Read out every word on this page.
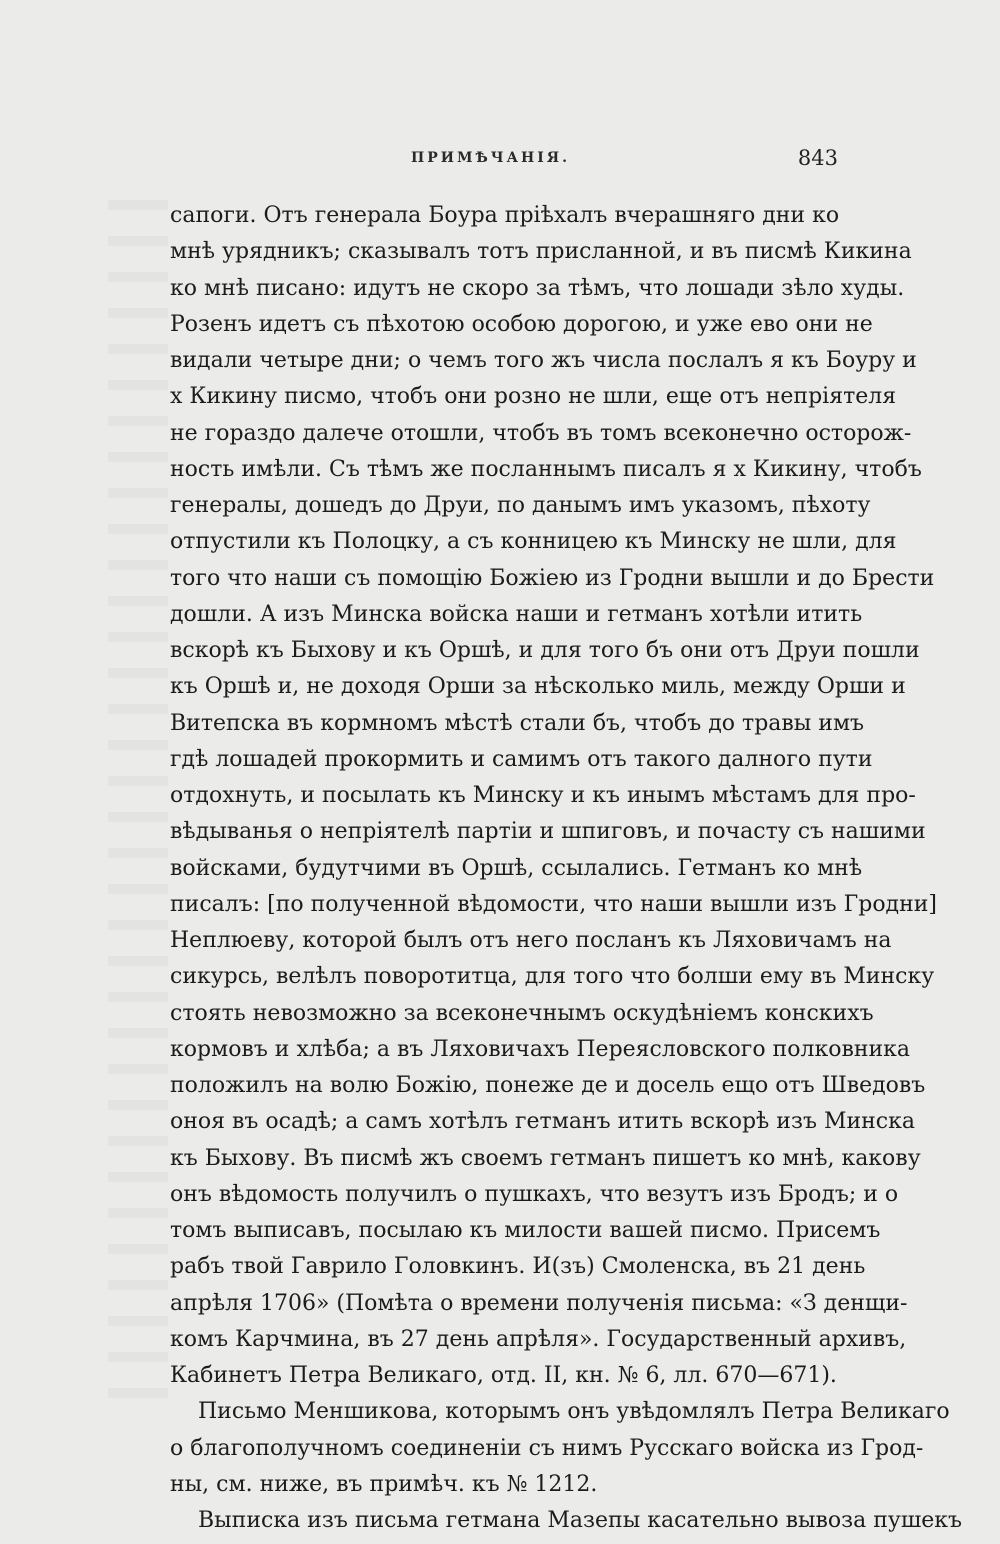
ПРИМѢЧАНІЯ.	843
сапоги. Отъ генерала Боура пріѣхалъ вчерашняго дни ко
мнѣ урядникъ; сказывалъ тотъ присланной, и въ писмѣ Кикина
ко мнѣ писано: идутъ не скоро за тѣмъ, что лошади зѣло худы.
Розенъ идетъ съ пѣхотою особою дорогою, и уже ево они не
видали четыре дни; о чемъ того жъ числа послалъ я къ Боуру и
х Кикину писмо, чтобъ они розно не шли, еще отъ непріятеля
не гораздо далече отошли, чтобъ въ томъ всеконечно осторож-
ность имѣли. Съ тѣмъ же посланнымъ писалъ я х Кикину, чтобъ
генералы, дошедъ до Друи, по данымъ имъ указомъ, пѣхоту
отпустили къ Полоцку, а съ конницею къ Минску не шли, для
того что наши съ помощію Божіею из Гродни вышли и до Брести
дошли. А изъ Минска войска наши и гетманъ хотѣли итить
вскорѣ къ Быхову и къ Оршѣ, и для того бъ они отъ Друи пошли
къ Оршѣ и, не доходя Орши за нѣсколько миль, между Орши и
Витепска въ кормномъ мѣстѣ стали бъ, чтобъ до травы имъ
гдѣ лошадей прокормить и самимъ отъ такого далного пути
отдохнуть, и посылать къ Минску и къ инымъ мѣстамъ для про-
вѣдыванья о непріятелѣ партіи и шпиговъ, и почасту съ нашими
войсками, будутчими въ Оршѣ, ссылались. Гетманъ ко мнѣ
писалъ: [по полученной вѣдомости, что наши вышли изъ Гродни]
Неплюеву, которой былъ отъ него посланъ къ Ляховичамъ на
сикурсь, велѣлъ поворотитца, для того что болши ему въ Минску
стоять невозможно за всеконечнымъ оскудѣніемъ конскихъ
кормовъ и хлѣба; а въ Ляховичахъ Переясловского полковника
положилъ на волю Божію, понеже де и досель ещо отъ Шведовъ
оноя въ осадѣ; а самъ хотѣлъ гетманъ итить вскорѣ изъ Минска
къ Быхову. Въ писмѣ жъ своемъ гетманъ пишетъ ко мнѣ, какову
онъ вѣдомость получилъ о пушкахъ, что везутъ изъ Бродъ; и о
томъ выписавъ, посылаю къ милости вашей писмо. Присемъ
рабъ твой Гаврило Головкинъ. И(зъ) Смоленска, въ 21 день
апрѣля 1706» (Помѣта о времени полученія письма: «З денщи-
комъ Карчмина, въ 27 день апрѣля». Государственный архивъ,
Кабинетъ Петра Великаго, отд. II, кн. № 6, лл. 670—671).
Письмо Меншикова, которымъ онъ увѣдомлялъ Петра Великаго
о благополучномъ соединеніи съ нимъ Русскаго войска из Грод-
ны, см. ниже, въ примѣч. къ № 1212.
Выписка изъ письма гетмана Мазепы касательно вывоза пушекъ
